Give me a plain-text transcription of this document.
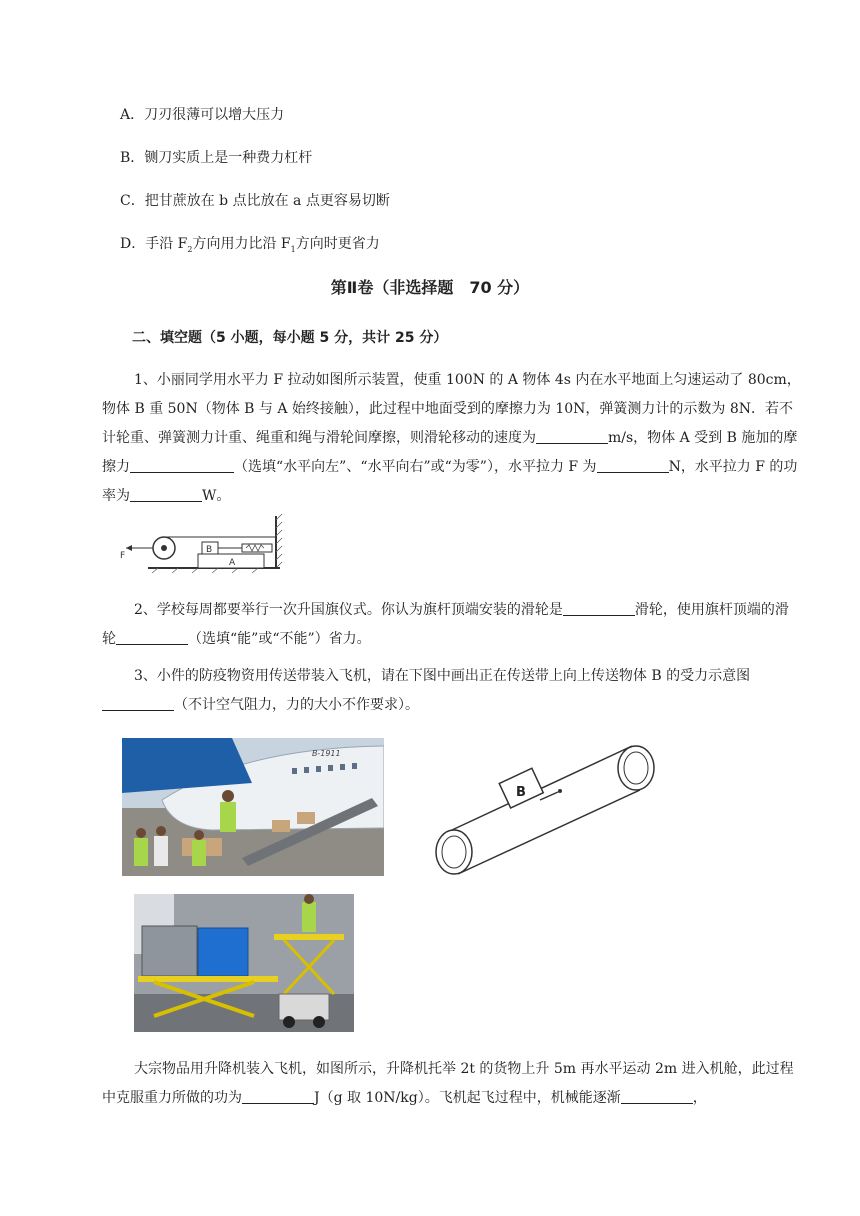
A．刀刃很薄可以增大压力
B．铡刀实质上是一种费力杠杆
C．把甘蔗放在 b 点比放在 a 点更容易切断
D．手沿 $F_2$方向用力比沿 $F_1$方向时更省力
第Ⅱ卷（非选择题　70 分）
二、填空题（5 小题，每小题 5 分，共计 25 分）
1、小丽同学用水平力 F 拉动如图所示装置，使重 100N 的 A 物体 4s 内在水平地面上匀速运动了 80cm，物体 B 重 50N（物体 B 与 A 始终接触），此过程中地面受到的摩擦力为 10N，弹簧测力计的示数为 8N．若不计轮重、弹簧测力计重、绳重和绳与滑轮间摩擦，则滑轮移动的速度为	m/s，物体 A 受到 B 施加的摩擦力	（选填“水平向左”、“水平向右”或“为零”），水平拉力 F 为	N，水平拉力 F 的功率为	W。
A
B
F
2、学校每周都要举行一次升国旗仪式。你认为旗杆顶端安装的滑轮是	滑轮，使用旗杆顶端的滑轮	（选填“能”或“不能”）省力。
3、小件的防疫物资用传送带装入飞机，请在下图中画出正在传送带上向上传送物体 B 的受力示意图（不计空气阻力，力的大小不作要求）。
B-1911
B
大宗物品用升降机装入飞机，如图所示，升降机托举 2t 的货物上升 5m 再水平运动 2m 进入机舱，此过程中克服重力所做的功为	J（g 取 10N/kg）。飞机起飞过程中，机械能逐渐	，
